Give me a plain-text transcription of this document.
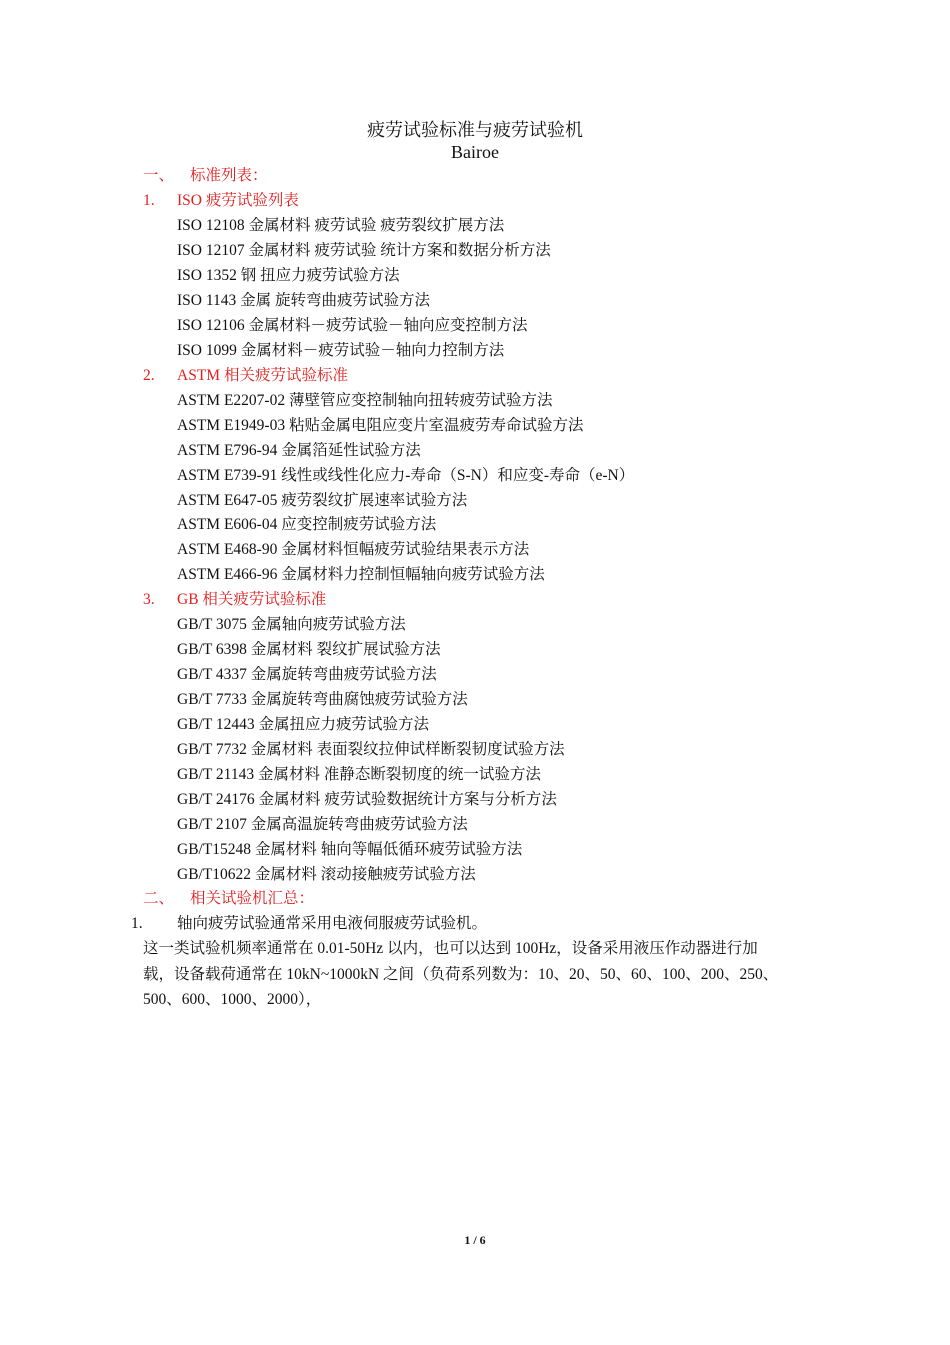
疲劳试验标准与疲劳试验机
Bairoe
一、 标准列表：
1. ISO 疲劳试验列表
ISO 12108 金属材料 疲劳试验 疲劳裂纹扩展方法
ISO 12107 金属材料 疲劳试验 统计方案和数据分析方法
ISO 1352 钢 扭应力疲劳试验方法
ISO 1143 金属 旋转弯曲疲劳试验方法
ISO 12106 金属材料－疲劳试验－轴向应变控制方法
ISO 1099 金属材料－疲劳试验－轴向力控制方法
2. ASTM 相关疲劳试验标准
ASTM E2207-02 薄壁管应变控制轴向扭转疲劳试验方法
ASTM E1949-03 粘贴金属电阻应变片室温疲劳寿命试验方法
ASTM E796-94 金属箔延性试验方法
ASTM E739-91 线性或线性化应力-寿命（S-N）和应变-寿命（e-N）
ASTM E647-05 疲劳裂纹扩展速率试验方法
ASTM E606-04 应变控制疲劳试验方法
ASTM E468-90 金属材料恒幅疲劳试验结果表示方法
ASTM E466-96 金属材料力控制恒幅轴向疲劳试验方法
3. GB 相关疲劳试验标准
GB/T 3075 金属轴向疲劳试验方法
GB/T 6398 金属材料 裂纹扩展试验方法
GB/T 4337 金属旋转弯曲疲劳试验方法
GB/T 7733 金属旋转弯曲腐蚀疲劳试验方法
GB/T 12443 金属扭应力疲劳试验方法
GB/T 7732 金属材料 表面裂纹拉伸试样断裂韧度试验方法
GB/T 21143 金属材料 准静态断裂韧度的统一试验方法
GB/T 24176 金属材料 疲劳试验数据统计方案与分析方法
GB/T 2107 金属高温旋转弯曲疲劳试验方法
GB/T15248 金属材料 轴向等幅低循环疲劳试验方法
GB/T10622 金属材料 滚动接触疲劳试验方法
二、 相关试验机汇总：
1. 轴向疲劳试验通常采用电液伺服疲劳试验机。
这一类试验机频率通常在 0.01-50Hz 以内，也可以达到 100Hz，设备采用液压作动器进行加
载，设备载荷通常在 10kN~1000kN 之间（负荷系列数为：10、20、50、60、100、200、250、
500、600、1000、2000），
1 / 6
